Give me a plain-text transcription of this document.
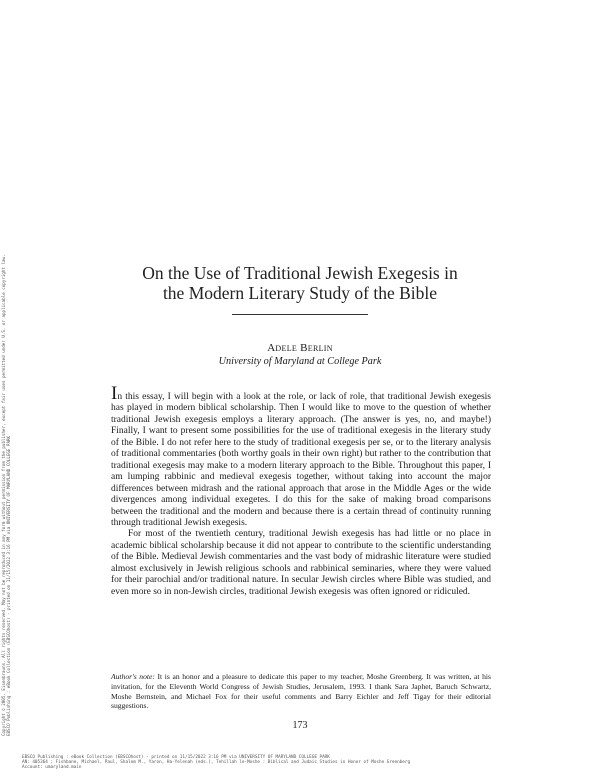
Copyright © 2005. Eisenbrauns. All rights reserved. May not be reproduced in any form without permission from the publisher, except fair uses permitted under U.S. or applicable copyright law. EBSCO Publishing : eBook Collection (EBSCOhost) - printed on 11/15/2022 3:16 PM via UNIVERSITY OF MARYLAND COLLEGE PARK
On the Use of Traditional Jewish Exegesis in
the Modern Literary Study of the Bible
Adele Berlin
University of Maryland at College Park

In this essay, I will begin with a look at the role, or lack of role, that traditional Jewish exegesis has played in modern biblical scholarship. Then I would like to move to the question of whether traditional Jewish exegesis employs a literary approach. (The answer is yes, no, and maybe!) Finally, I want to present some possibilities for the use of traditional exegesis in the literary study of the Bible. I do not refer here to the study of traditional exegesis per se, or to the literary analysis of traditional commentaries (both worthy goals in their own right) but rather to the contribution that traditional exegesis may make to a modern literary approach to the Bible. Throughout this paper, I am lumping rabbinic and medieval exegesis together, without taking into account the major differences between midrash and the rational approach that arose in the Middle Ages or the wide divergences among individual exegetes. I do this for the sake of making broad comparisons between the traditional and the modern and because there is a certain thread of continuity running through traditional Jewish exegesis.

For most of the twentieth century, traditional Jewish exegesis has had little or no place in academic biblical scholarship because it did not appear to contribute to the scientific understanding of the Bible. Medieval Jewish commentaries and the vast body of midrashic literature were studied almost exclusively in Jewish religious schools and rabbinical seminaries, where they were valued for their parochial and/or traditional nature. In secular Jewish circles where Bible was studied, and even more so in non-Jewish circles, traditional Jewish exegesis was often ignored or ridiculed.

Author's note: It is an honor and a pleasure to dedicate this paper to my teacher, Moshe Greenberg. It was written, at his invitation, for the Eleventh World Congress of Jewish Studies, Jerusalem, 1993. I thank Sara Japhet, Baruch Schwartz, Moshe Bernstein, and Michael Fox for their useful comments and Barry Eichler and Jeff Tigay for their editorial suggestions.
173
EBSCO Publishing : eBook Collection (EBSCOhost) - printed on 11/15/2022 3:16 PM via UNIVERSITY OF MARYLAND COLLEGE PARK
AN: 405364 ; Fishbane, Michael, Paul, Shalom M., Yaron, Ha-Yelenah (eds.), Tehillah le-Moshe : Biblical and Judaic Studies in Honor of Moshe Greenberg
Account: umaryland.main
